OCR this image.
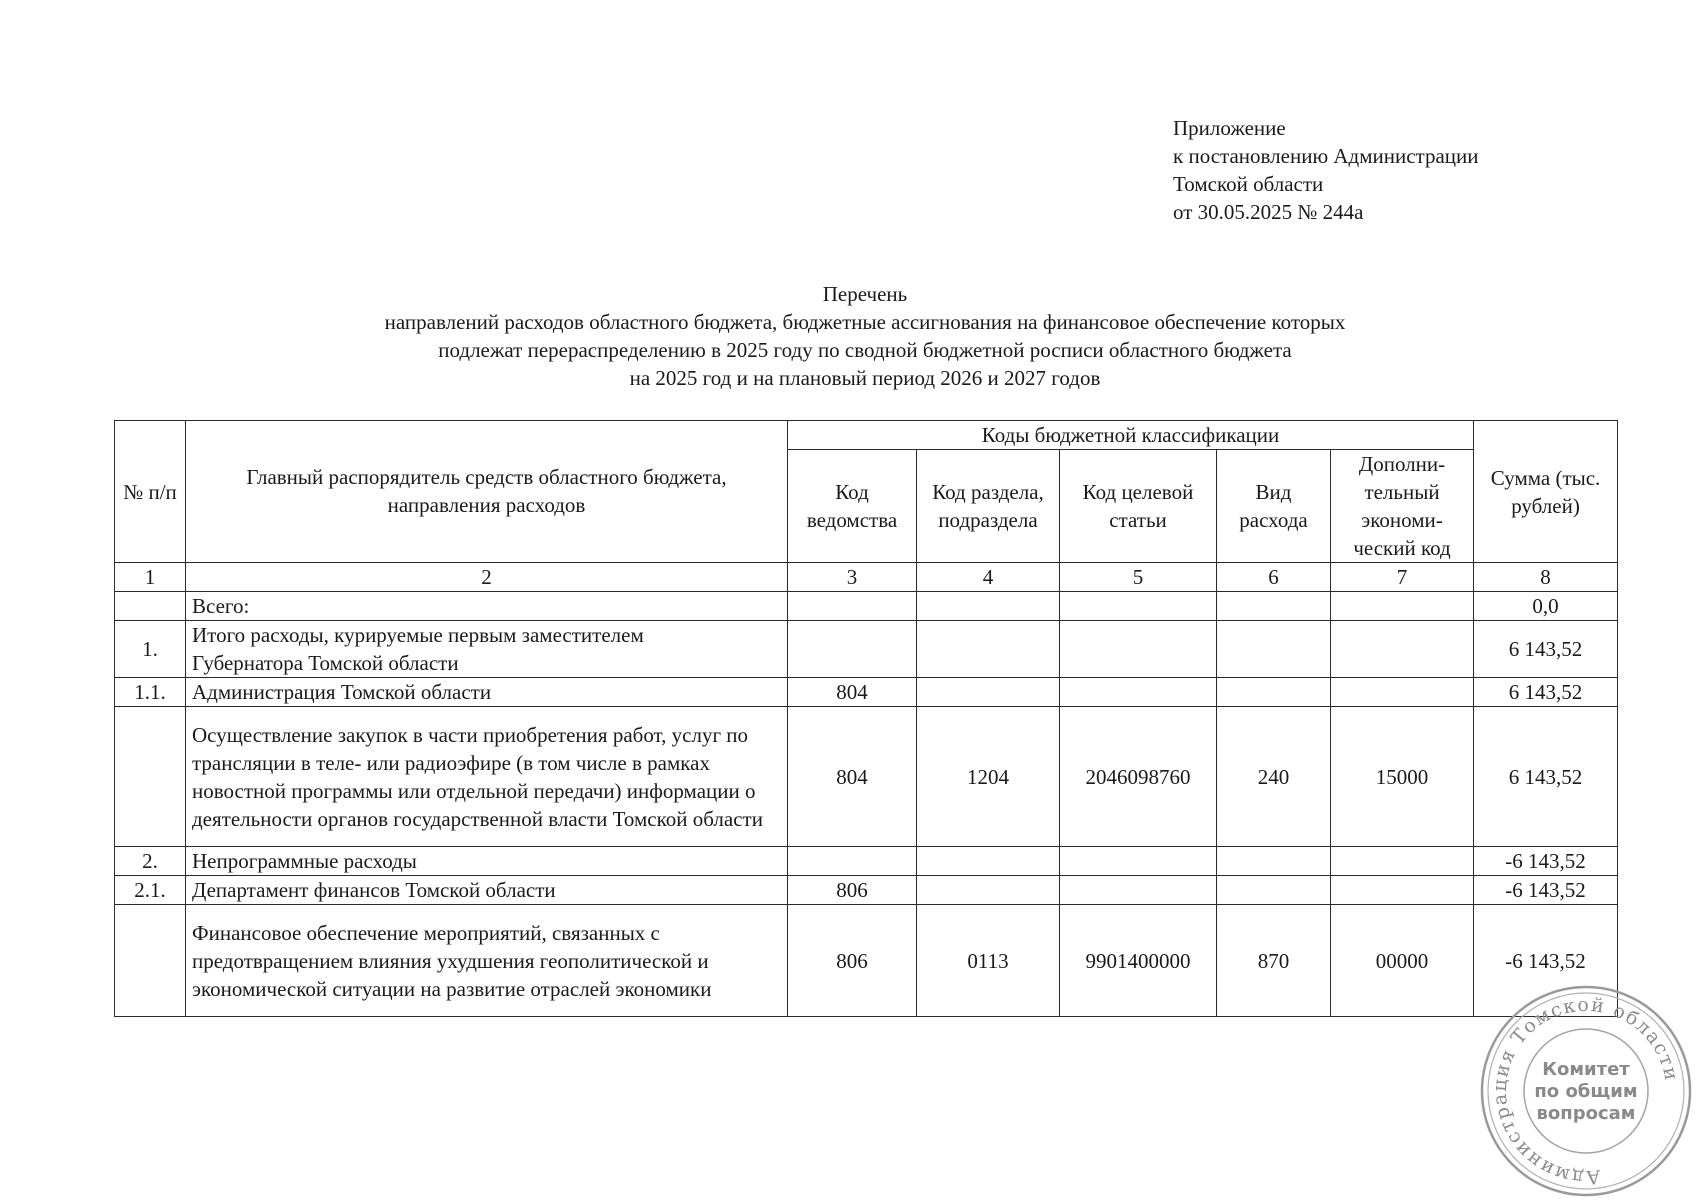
Приложение
к постановлению Администрации
Томской области
от 30.05.2025 № 244а
Перечень
направлений расходов областного бюджета, бюджетные ассигнования на финансовое обеспечение которых
подлежат перераспределению в 2025 году по сводной бюджетной росписи областного бюджета
на 2025 год и на плановый период 2026 и 2027 годов
№ п/п	Главный распорядитель средств областного бюджета, направления расходов	Коды бюджетной классификации					Сумма (тыс. рублей)
		Код ведомства	Код раздела, подраздела	Код целевой статьи	Вид расхода	Дополни-тельный экономи-ческий код	
1	2	3	4	5	6	7	8
	Всего:						0,0
1.	Итого расходы, курируемые первым заместителем Губернатора Томской области						6 143,52
1.1.	Администрация Томской области	804					6 143,52
	Осуществление закупок в части приобретения работ, услуг по трансляции в теле- или радиоэфире (в том числе в рамках новостной программы или отдельной передачи) информации о деятельности органов государственной власти Томской области	804	1204	2046098760	240	15000	6 143,52
2.	Непрограммные расходы						-6 143,52
2.1.	Департамент финансов Томской области	806					-6 143,52
	Финансовое обеспечение мероприятий, связанных с предотвращением влияния ухудшения геополитической и экономической ситуации на развитие отраслей экономики	806	0113	9901400000	870	00000	-6 143,52
Администрация Томской области
Комитет
по общим
вопросам
